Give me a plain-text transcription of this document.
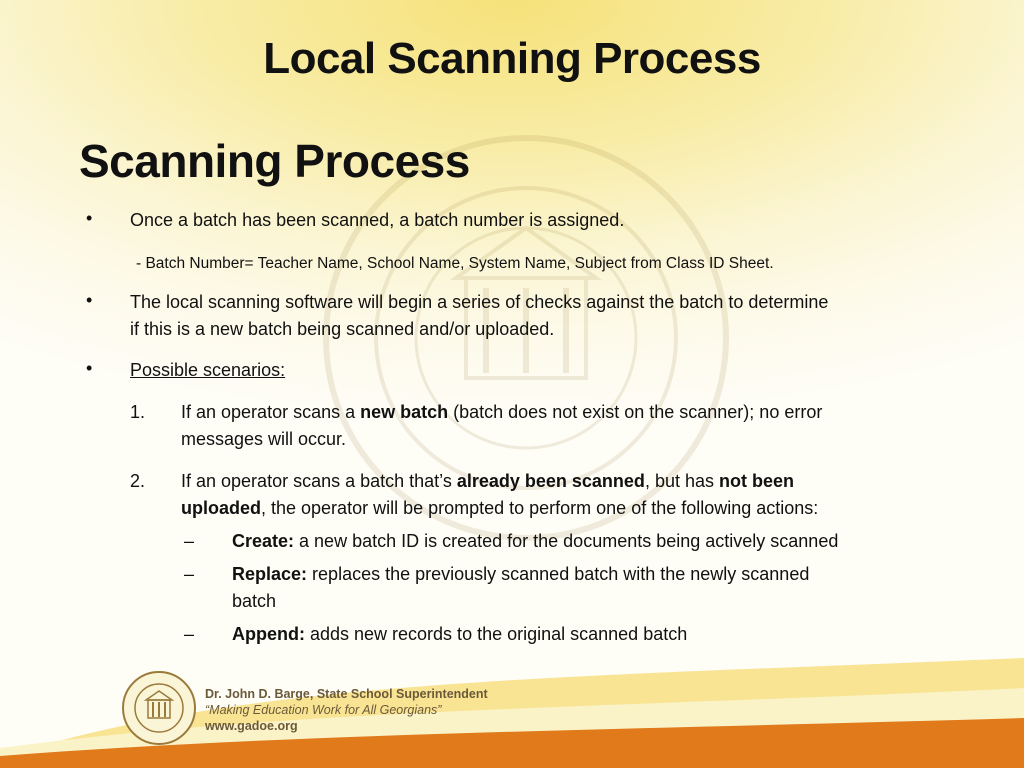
Local Scanning Process
Scanning Process
• Once a batch has been scanned, a batch number is assigned.
- Batch Number= Teacher Name, School Name, System Name, Subject from Class ID Sheet.
• The local scanning software will begin a series of checks against the batch to determine
if this is a new batch being scanned and/or uploaded.
• Possible scenarios:
1. If an operator scans a new batch (batch does not exist on the scanner); no error
messages will occur.
2. If an operator scans a batch that’s already been scanned, but has not been
uploaded, the operator will be prompted to perform one of the following actions:
– Create: a new batch ID is created for the documents being actively scanned
– Replace: replaces the previously scanned batch with the newly scanned
batch
– Append: adds new records to the original scanned batch
Dr. John D. Barge, State School Superintendent
“Making Education Work for All Georgians”
www.gadoe.org
